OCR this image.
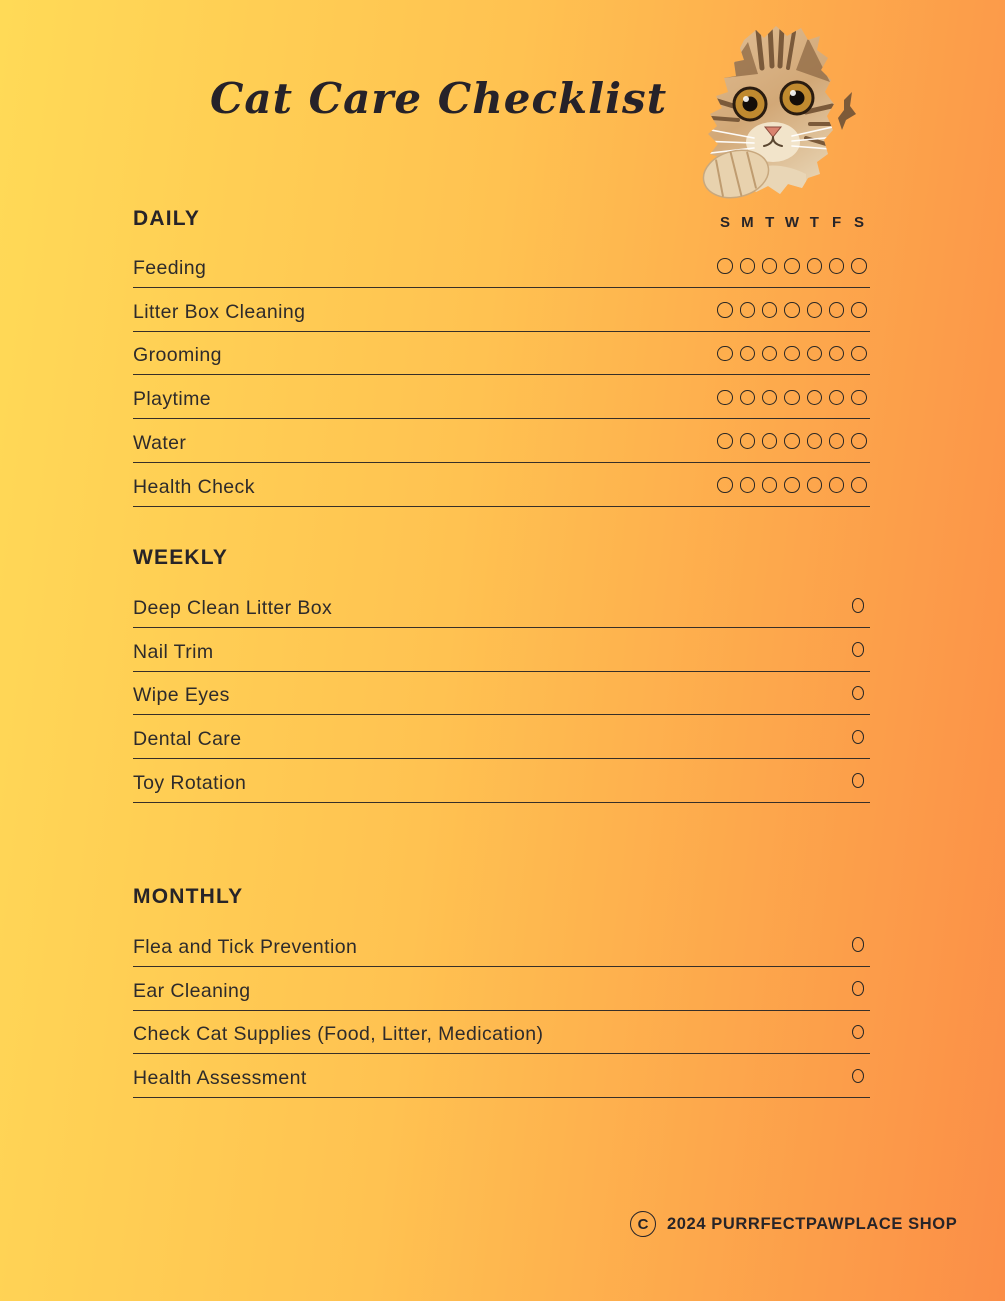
Cat Care Checklist
DAILY	S M T W T F S
Feeding
Litter Box Cleaning
Grooming
Playtime
Water
Health Check
WEEKLY
Deep Clean Litter Box
Nail Trim
Wipe Eyes
Dental Care
Toy Rotation
MONTHLY
Flea and Tick Prevention
Ear Cleaning
Check Cat Supplies (Food, Litter, Medication)
Health Assessment
C	2024 PURRFECTPAWPLACE SHOP
